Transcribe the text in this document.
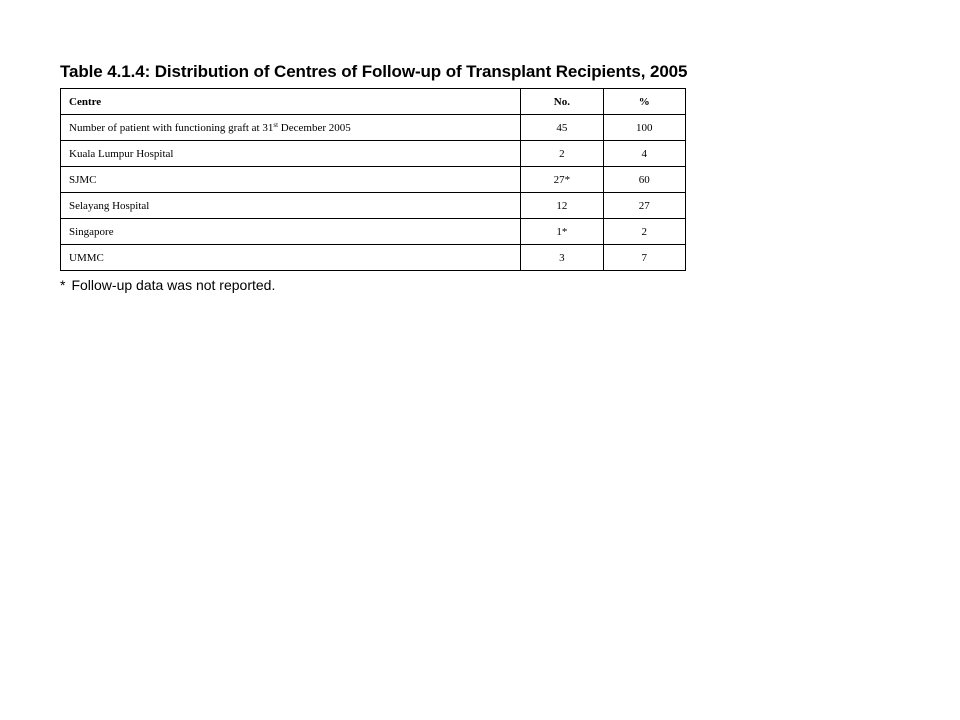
Table 4.1.4: Distribution of Centres of Follow-up of Transplant Recipients, 2005
Centre	No.	%
Number of patient with functioning graft at 31st December 2005	45	100
Kuala Lumpur Hospital	2	4
SJMC	27*	60
Selayang Hospital	12	27
Singapore	1*	2
UMMC	3	7

* Follow-up data was not reported.
